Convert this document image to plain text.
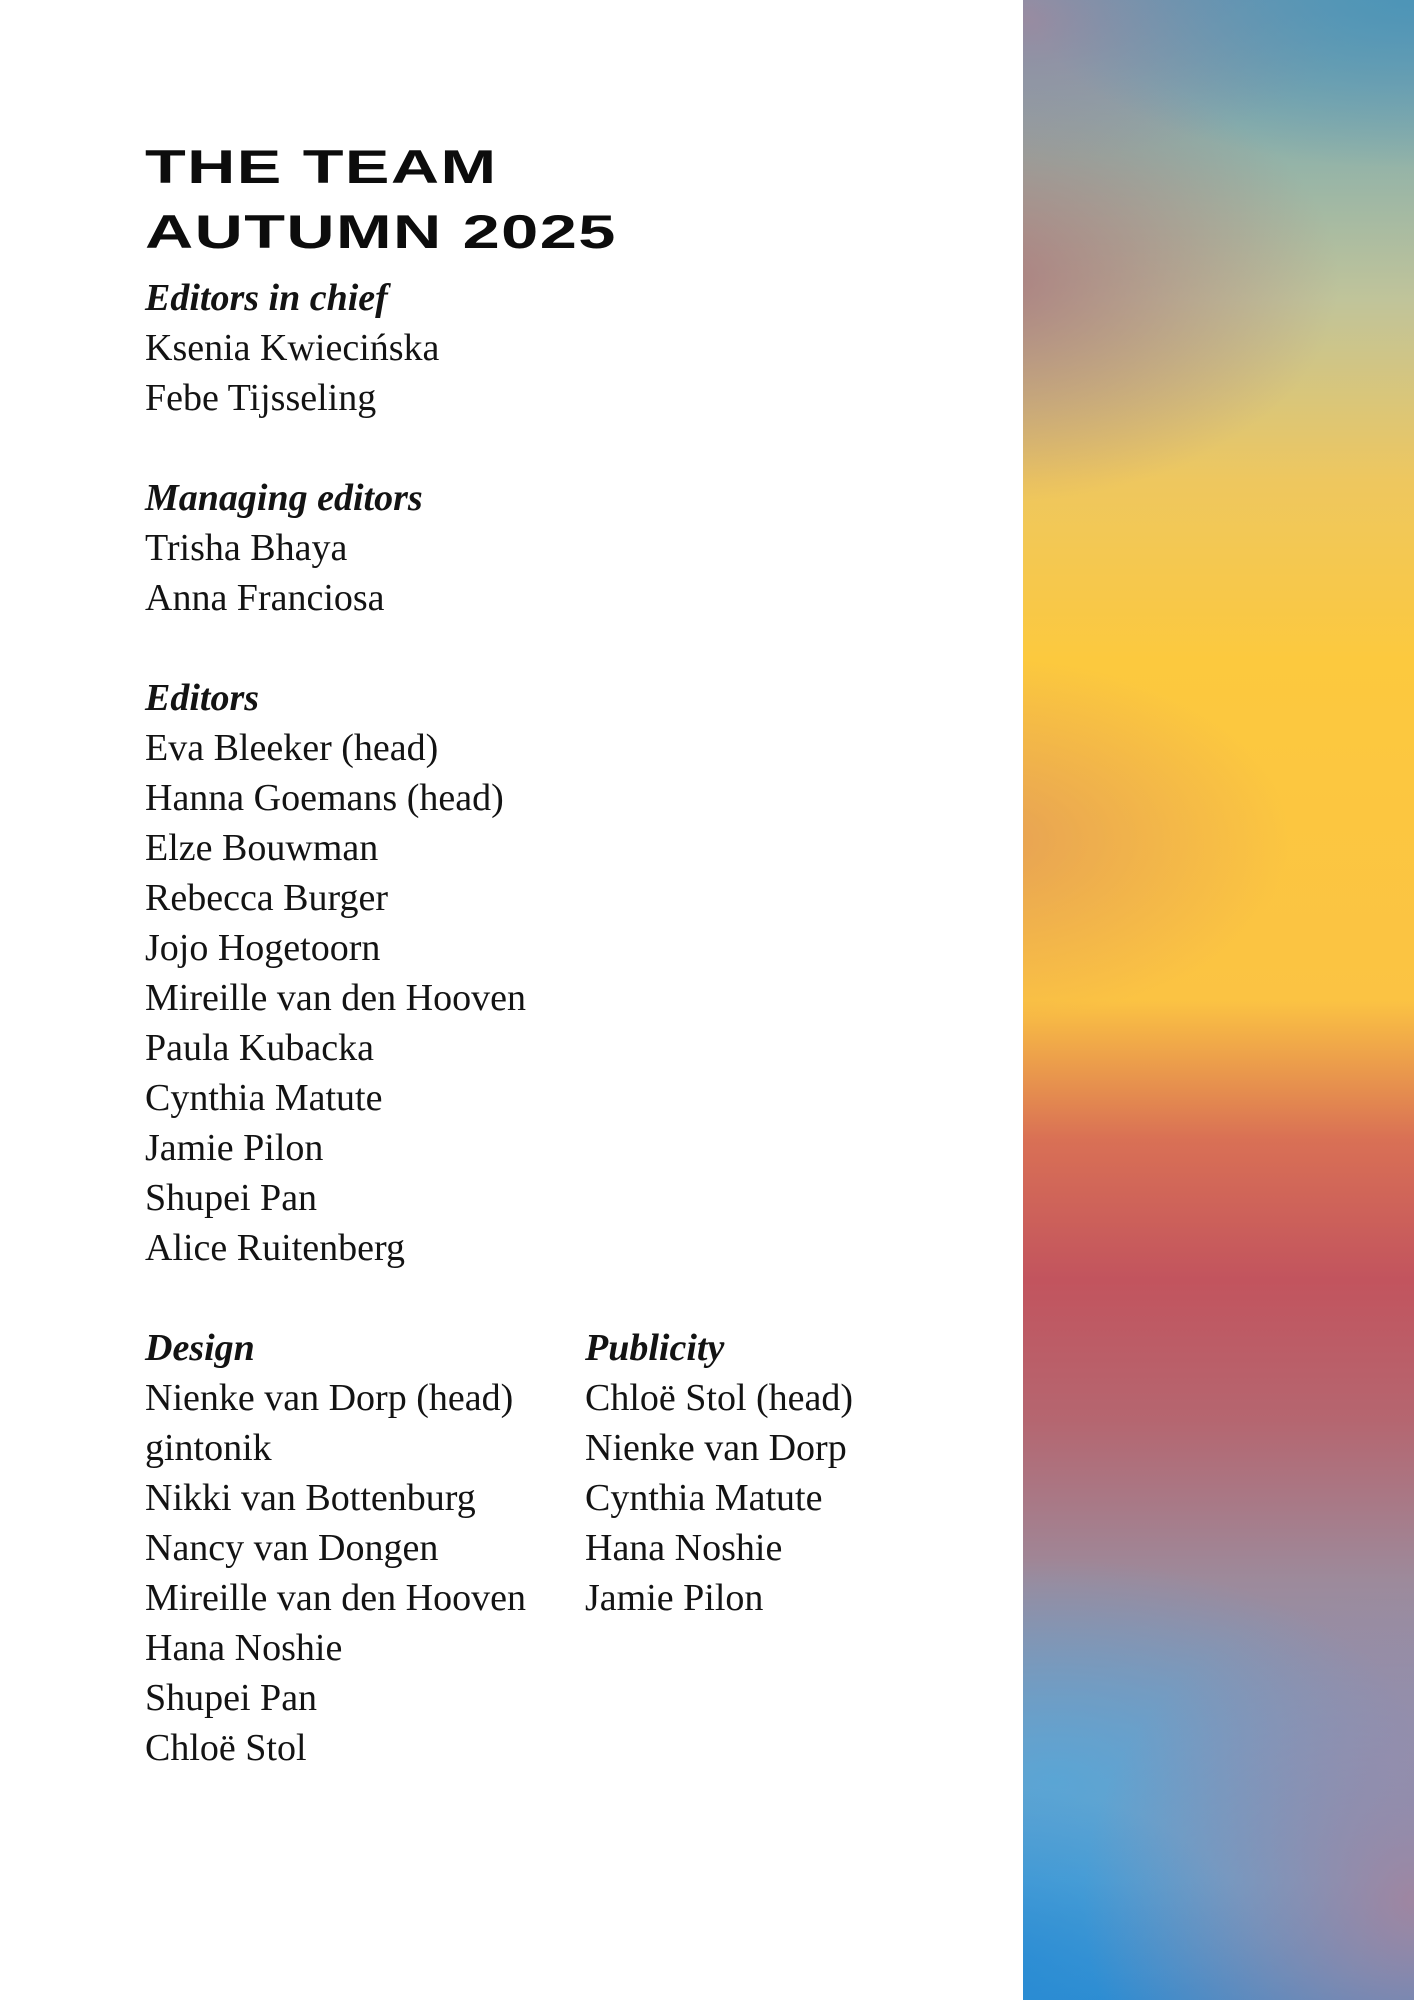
THE TEAM
AUTUMN 2025
Editors in chief
Ksenia Kwiecińska
Febe Tijsseling
Managing editors
Trisha Bhaya
Anna Franciosa
Editors
Eva Bleeker (head)
Hanna Goemans (head)
Elze Bouwman
Rebecca Burger
Jojo Hogetoorn
Mireille van den Hooven
Paula Kubacka
Cynthia Matute
Jamie Pilon
Shupei Pan
Alice Ruitenberg
Design
Nienke van Dorp (head)
gintonik
Nikki van Bottenburg
Nancy van Dongen
Mireille van den Hooven
Hana Noshie
Shupei Pan
Chloë Stol
Publicity
Chloë Stol (head)
Nienke van Dorp
Cynthia Matute
Hana Noshie
Jamie Pilon
